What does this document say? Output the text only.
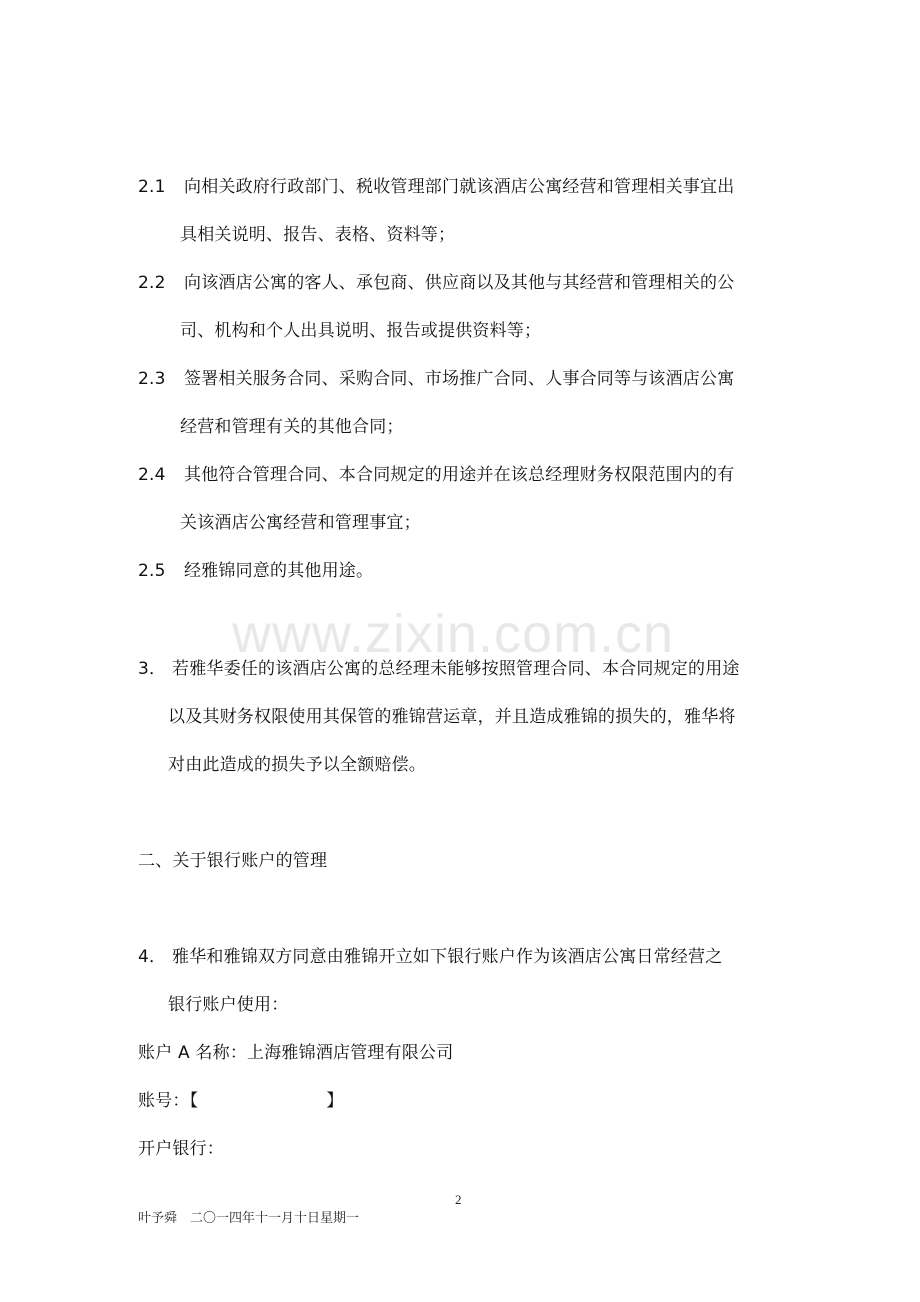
2.1 向相关政府行政部门、税收管理部门就该酒店公寓经营和管理相关事宜出
具相关说明、报告、表格、资料等；
2.2 向该酒店公寓的客人、承包商、供应商以及其他与其经营和管理相关的公
司、机构和个人出具说明、报告或提供资料等；
2.3 签署相关服务合同、采购合同、市场推广合同、人事合同等与该酒店公寓
经营和管理有关的其他合同；
2.4 其他符合管理合同、本合同规定的用途并在该总经理财务权限范围内的有
关该酒店公寓经营和管理事宜；
2.5 经雅锦同意的其他用途。
www.zixin.com.cn
3． 若雅华委任的该酒店公寓的总经理未能够按照管理合同、本合同规定的用途
以及其财务权限使用其保管的雅锦营运章，并且造成雅锦的损失的，雅华将
对由此造成的损失予以全额赔偿。
二、关于银行账户的管理
4． 雅华和雅锦双方同意由雅锦开立如下银行账户作为该酒店公寓日常经营之
银行账户使用：
账户 A 名称：上海雅锦酒店管理有限公司
账号：【	】
开户银行：
2
叶予舜　二〇一四年十一月十日星期一
